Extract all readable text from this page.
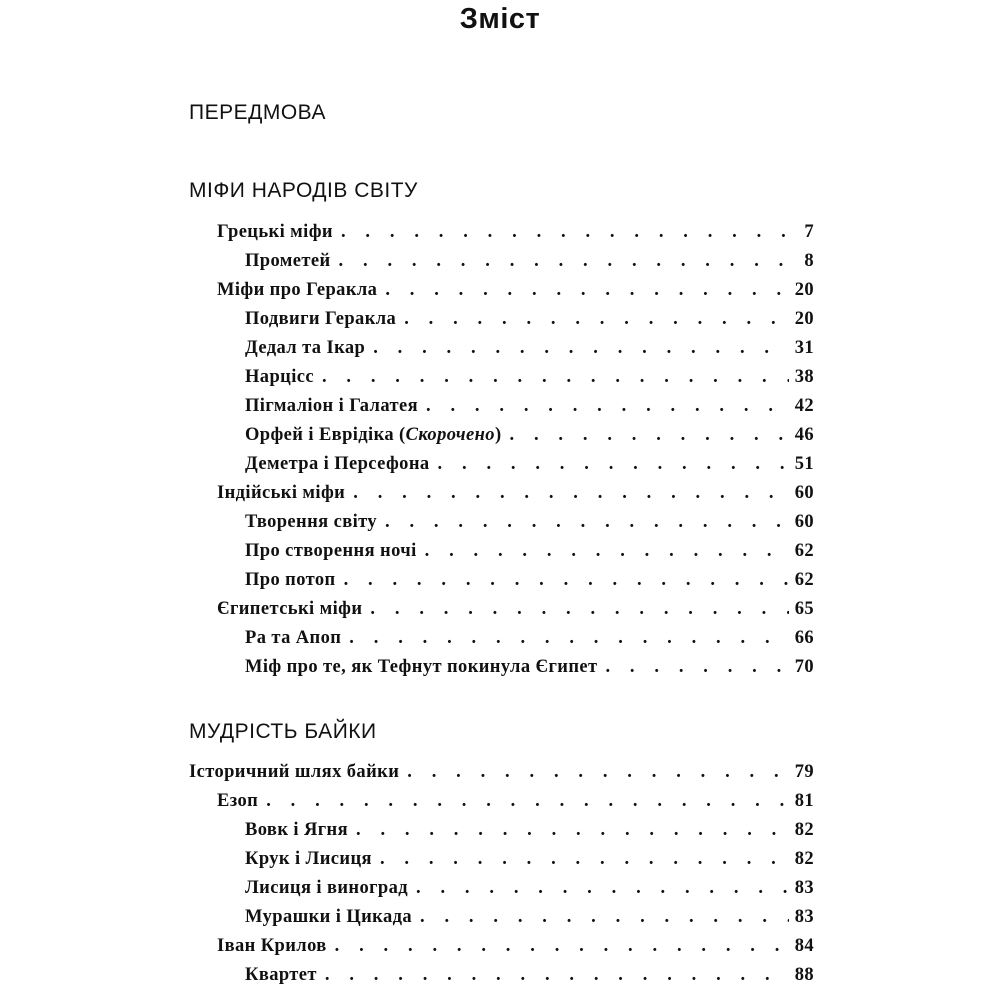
Зміст
ПЕРЕДМОВА
МІФИ НАРОДІВ СВІТУ
МУДРІСТЬ БАЙКИ
Грецькі міфи . . .	7
Прометей . . .	8
Міфи про Геракла . . .	20
Подвиги Геракла . . .	20
Дедал та Ікар . . .	31
Нарцісс . . .	38
Пігмаліон і Галатея . . .	42
Орфей і Еврідіка (Скорочено) . . .	46
Деметра і Персефона . . .	51
Індійські міфи . . .	60
Творення світу . . .	60
Про створення ночі . . .	62
Про потоп . . .	62
Єгипетські міфи . . .	65
Ра та Апоп . . .	66
Міф про те, як Тефнут покинула Єгипет . . .	70
Історичний шлях байки . . .	79
Езоп . . .	81
Вовк і Ягня . . .	82
Крук і Лисиця . . .	82
Лисиця і виноград . . .	83
Мурашки і Цикада . . .	83
Іван Крилов . . .	84
Квартет . . .	88
